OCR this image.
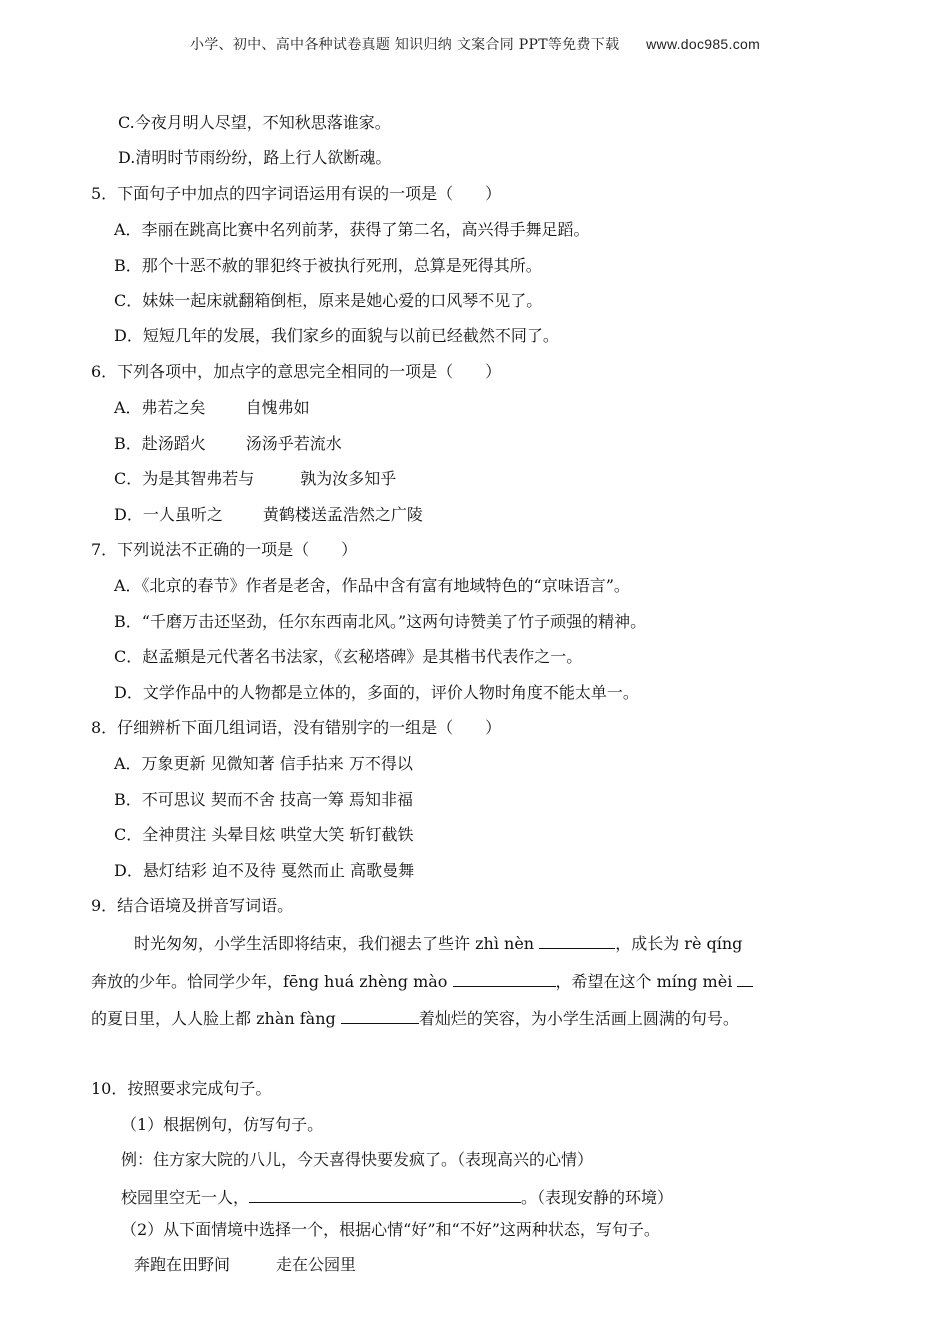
小学、初中、高中各种试卷真题 知识归纳 文案合同 PPT等免费下载 www.doc985.com
C.今夜月明人尽望，不知秋思落谁家。
D.清明时节雨纷纷，路上行人欲断魂。
5．下面句子中加点的四字词语运用有误的一项是（　　）
A．李丽在跳高比赛中名列前茅，获得了第二名，高兴得手舞足蹈。
B．那个十恶不赦的罪犯终于被执行死刑，总算是死得其所。
C．妹妹一起床就翻箱倒柜，原来是她心爱的口风琴不见了。
D．短短几年的发展，我们家乡的面貌与以前已经截然不同了。
6．下列各项中，加点字的意思完全相同的一项是（　　）
A．弗若之矣	自愧弗如
B．赴汤蹈火	汤汤乎若流水
C．为是其智弗若与	孰为汝多知乎
D．一人虽听之	黄鹤楼送孟浩然之广陵
7．下列说法不正确的一项是（　　）
A．《北京的春节》作者是老舍，作品中含有富有地域特色的“京味语言”。
B．“千磨万击还坚劲，任尔东西南北风。”这两句诗赞美了竹子顽强的精神。
C．赵孟頫是元代著名书法家，《玄秘塔碑》是其楷书代表作之一。
D．文学作品中的人物都是立体的，多面的，评价人物时角度不能太单一。
8．仔细辨析下面几组词语，没有错别字的一组是（　　）
A．万象更新 见微知著 信手拈来 万不得以
B．不可思议 契而不舍 技高一筹 焉知非福
C．全神贯注 头晕目炫 哄堂大笑 斩钉截铁
D．悬灯结彩 迫不及待 戛然而止 高歌曼舞
9．结合语境及拼音写词语。
时光匆匆，小学生活即将结束，我们褪去了些许 zhì nèn	，成长为 rè qíng
奔放的少年。恰同学少年，fēng huá zhèng mào	，希望在这个 míng mèi
的夏日里，人人脸上都 zhàn fàng	着灿烂的笑容，为小学生活画上圆满的句号。
10．按照要求完成句子。
（1）根据例句，仿写句子。
例：住方家大院的八儿，今天喜得快要发疯了。（表现高兴的心情）
校园里空无一人，	。（表现安静的环境）
（2）从下面情境中选择一个，根据心情“好”和“不好”这两种状态，写句子。
奔跑在田野间	走在公园里
